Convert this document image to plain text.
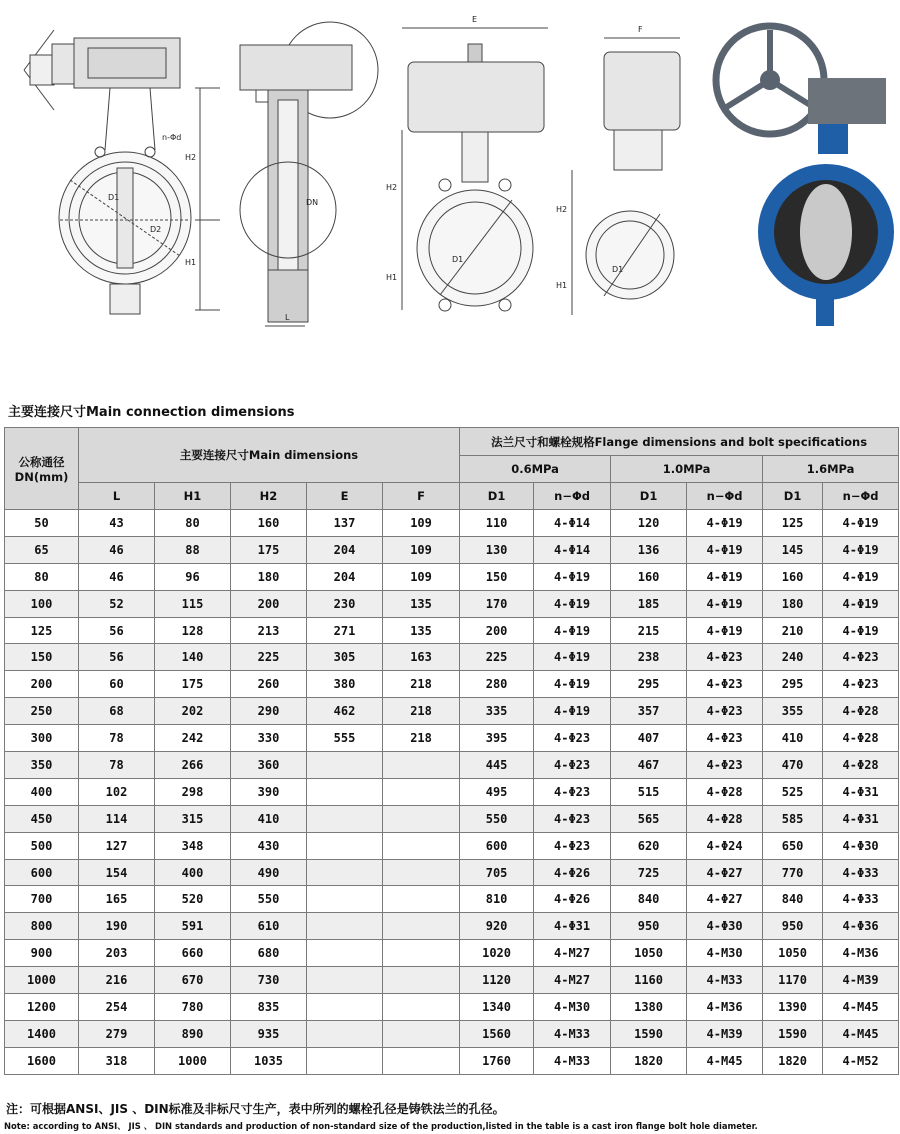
n-Φd
H2
H1
D1
D2
DN
L
E
H2
H1
D1
F
H2
H1
D1
主要连接尺寸Main connection dimensions
公称通径DN(mm)	主要连接尺寸Main dimensions					法兰尺寸和螺栓规格Flange dimensions and bolt specifications					
						0.6MPa		1.0MPa		1.6MPa	
	L	H1	H2	E	F	D1	n−Φd	D1	n−Φd	D1	n−Φd
50	43	80	160	137	109	110	4-Φ14	120	4-Φ19	125	4-Φ19
65	46	88	175	204	109	130	4-Φ14	136	4-Φ19	145	4-Φ19
80	46	96	180	204	109	150	4-Φ19	160	4-Φ19	160	4-Φ19
100	52	115	200	230	135	170	4-Φ19	185	4-Φ19	180	4-Φ19
125	56	128	213	271	135	200	4-Φ19	215	4-Φ19	210	4-Φ19
150	56	140	225	305	163	225	4-Φ19	238	4-Φ23	240	4-Φ23
200	60	175	260	380	218	280	4-Φ19	295	4-Φ23	295	4-Φ23
250	68	202	290	462	218	335	4-Φ19	357	4-Φ23	355	4-Φ28
300	78	242	330	555	218	395	4-Φ23	407	4-Φ23	410	4-Φ28
350	78	266	360			445	4-Φ23	467	4-Φ23	470	4-Φ28
400	102	298	390			495	4-Φ23	515	4-Φ28	525	4-Φ31
450	114	315	410			550	4-Φ23	565	4-Φ28	585	4-Φ31
500	127	348	430			600	4-Φ23	620	4-Φ24	650	4-Φ30
600	154	400	490			705	4-Φ26	725	4-Φ27	770	4-Φ33
700	165	520	550			810	4-Φ26	840	4-Φ27	840	4-Φ33
800	190	591	610			920	4-Φ31	950	4-Φ30	950	4-Φ36
900	203	660	680			1020	4-M27	1050	4-M30	1050	4-M36
1000	216	670	730			1120	4-M27	1160	4-M33	1170	4-M39
1200	254	780	835			1340	4-M30	1380	4-M36	1390	4-M45
1400	279	890	935			1560	4-M33	1590	4-M39	1590	4-M45
1600	318	1000	1035			1760	4-M33	1820	4-M45	1820	4-M52
注：可根据ANSI、JIS 、DIN标准及非标尺寸生产，表中所列的螺栓孔径是铸铁法兰的孔径。
Note: according to ANSI、 JIS 、 DIN standards and production of non-standard size of the production,listed in the table is a cast iron flange bolt hole diameter.
